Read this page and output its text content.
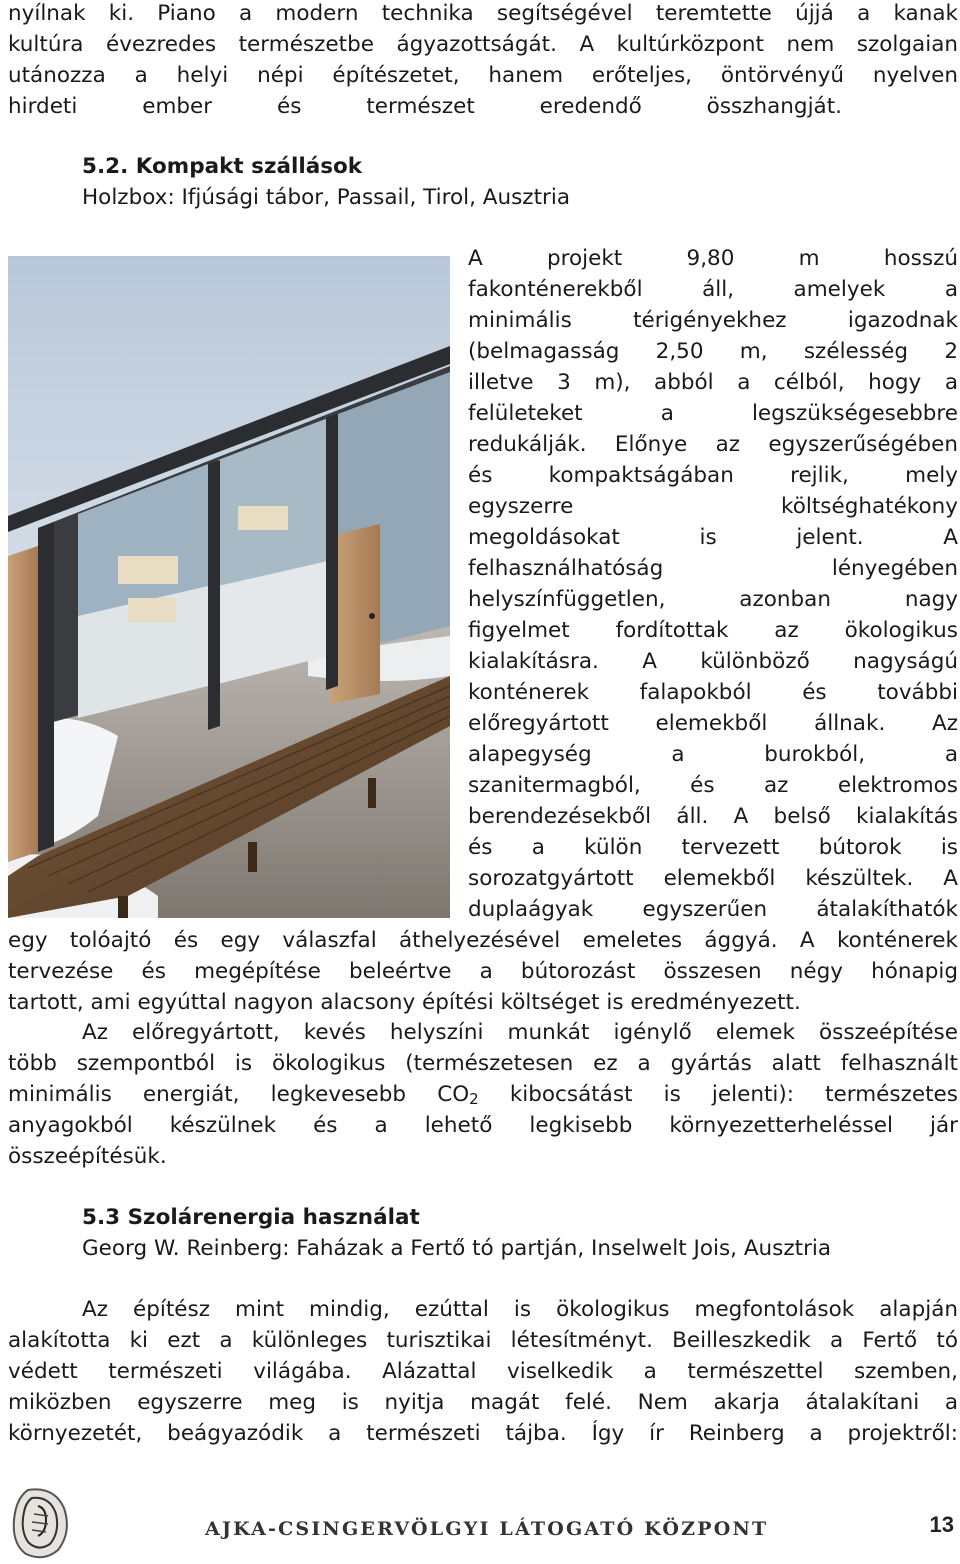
nyílnak ki. Piano a modern technika segítségével teremtette újjá a kanak
kultúra évezredes természetbe ágyazottságát. A kultúrközpont nem szolgaian
utánozza a helyi népi építészetet, hanem erőteljes, öntörvényű nyelven
hirdeti ember és természet eredendő összhangját.
5.2. Kompakt szállások
Holzbox: Ifjúsági tábor, Passail, Tirol, Ausztria
A projekt 9,80 m hosszú
fakonténerekből áll, amelyek a
minimális térigényekhez igazodnak
(belmagasság 2,50 m, szélesség 2
illetve 3 m), abból a célból, hogy a
felületeket a legszükségesebbre
redukálják. Előnye az egyszerűségében
és kompaktságában rejlik, mely
egyszerre költséghatékony
megoldásokat is jelent. A
felhasználhatóság lényegében
helyszínfüggetlen, azonban nagy
figyelmet fordítottak az ökologikus
kialakításra. A különböző nagyságú
konténerek falapokból és további
előregyártott elemekből állnak. Az
alapegység a burokból, a
szanitermagból, és az elektromos
berendezésekből áll. A belső kialakítás
és a külön tervezett bútorok is
sorozatgyártott elemekből készültek. A
duplaágyak egyszerűen átalakíthatók
egy tolóajtó és egy válaszfal áthelyezésével emeletes ággyá. A konténerek
tervezése és megépítése beleértve a bútorozást összesen négy hónapig
tartott, ami egyúttal nagyon alacsony építési költséget is eredményezett.
Az előregyártott, kevés helyszíni munkát igénylő elemek összeépítése
több szempontból is ökologikus (természetesen ez a gyártás alatt felhasznált
minimális energiát, legkevesebb $CO_2$ kibocsátást is jelenti): természetes
anyagokból készülnek és a lehető legkisebb környezetterheléssel jár
összeépítésük.
5.3 Szolárenergia használat
Georg W. Reinberg: Faházak a Fertő tó partján, Inselwelt Jois, Ausztria
Az építész mint mindig, ezúttal is ökologikus megfontolások alapján
alakította ki ezt a különleges turisztikai létesítményt. Beilleszkedik a Fertő tó
védett természeti világába. Alázattal viselkedik a természettel szemben,
miközben egyszerre meg is nyitja magát felé. Nem akarja átalakítani a
környezetét, beágyazódik a természeti tájba. Így ír Reinberg a projektről:
AJKA-CSINGERVÖLGYI LÁTOGATÓ KÖZPONT	13
